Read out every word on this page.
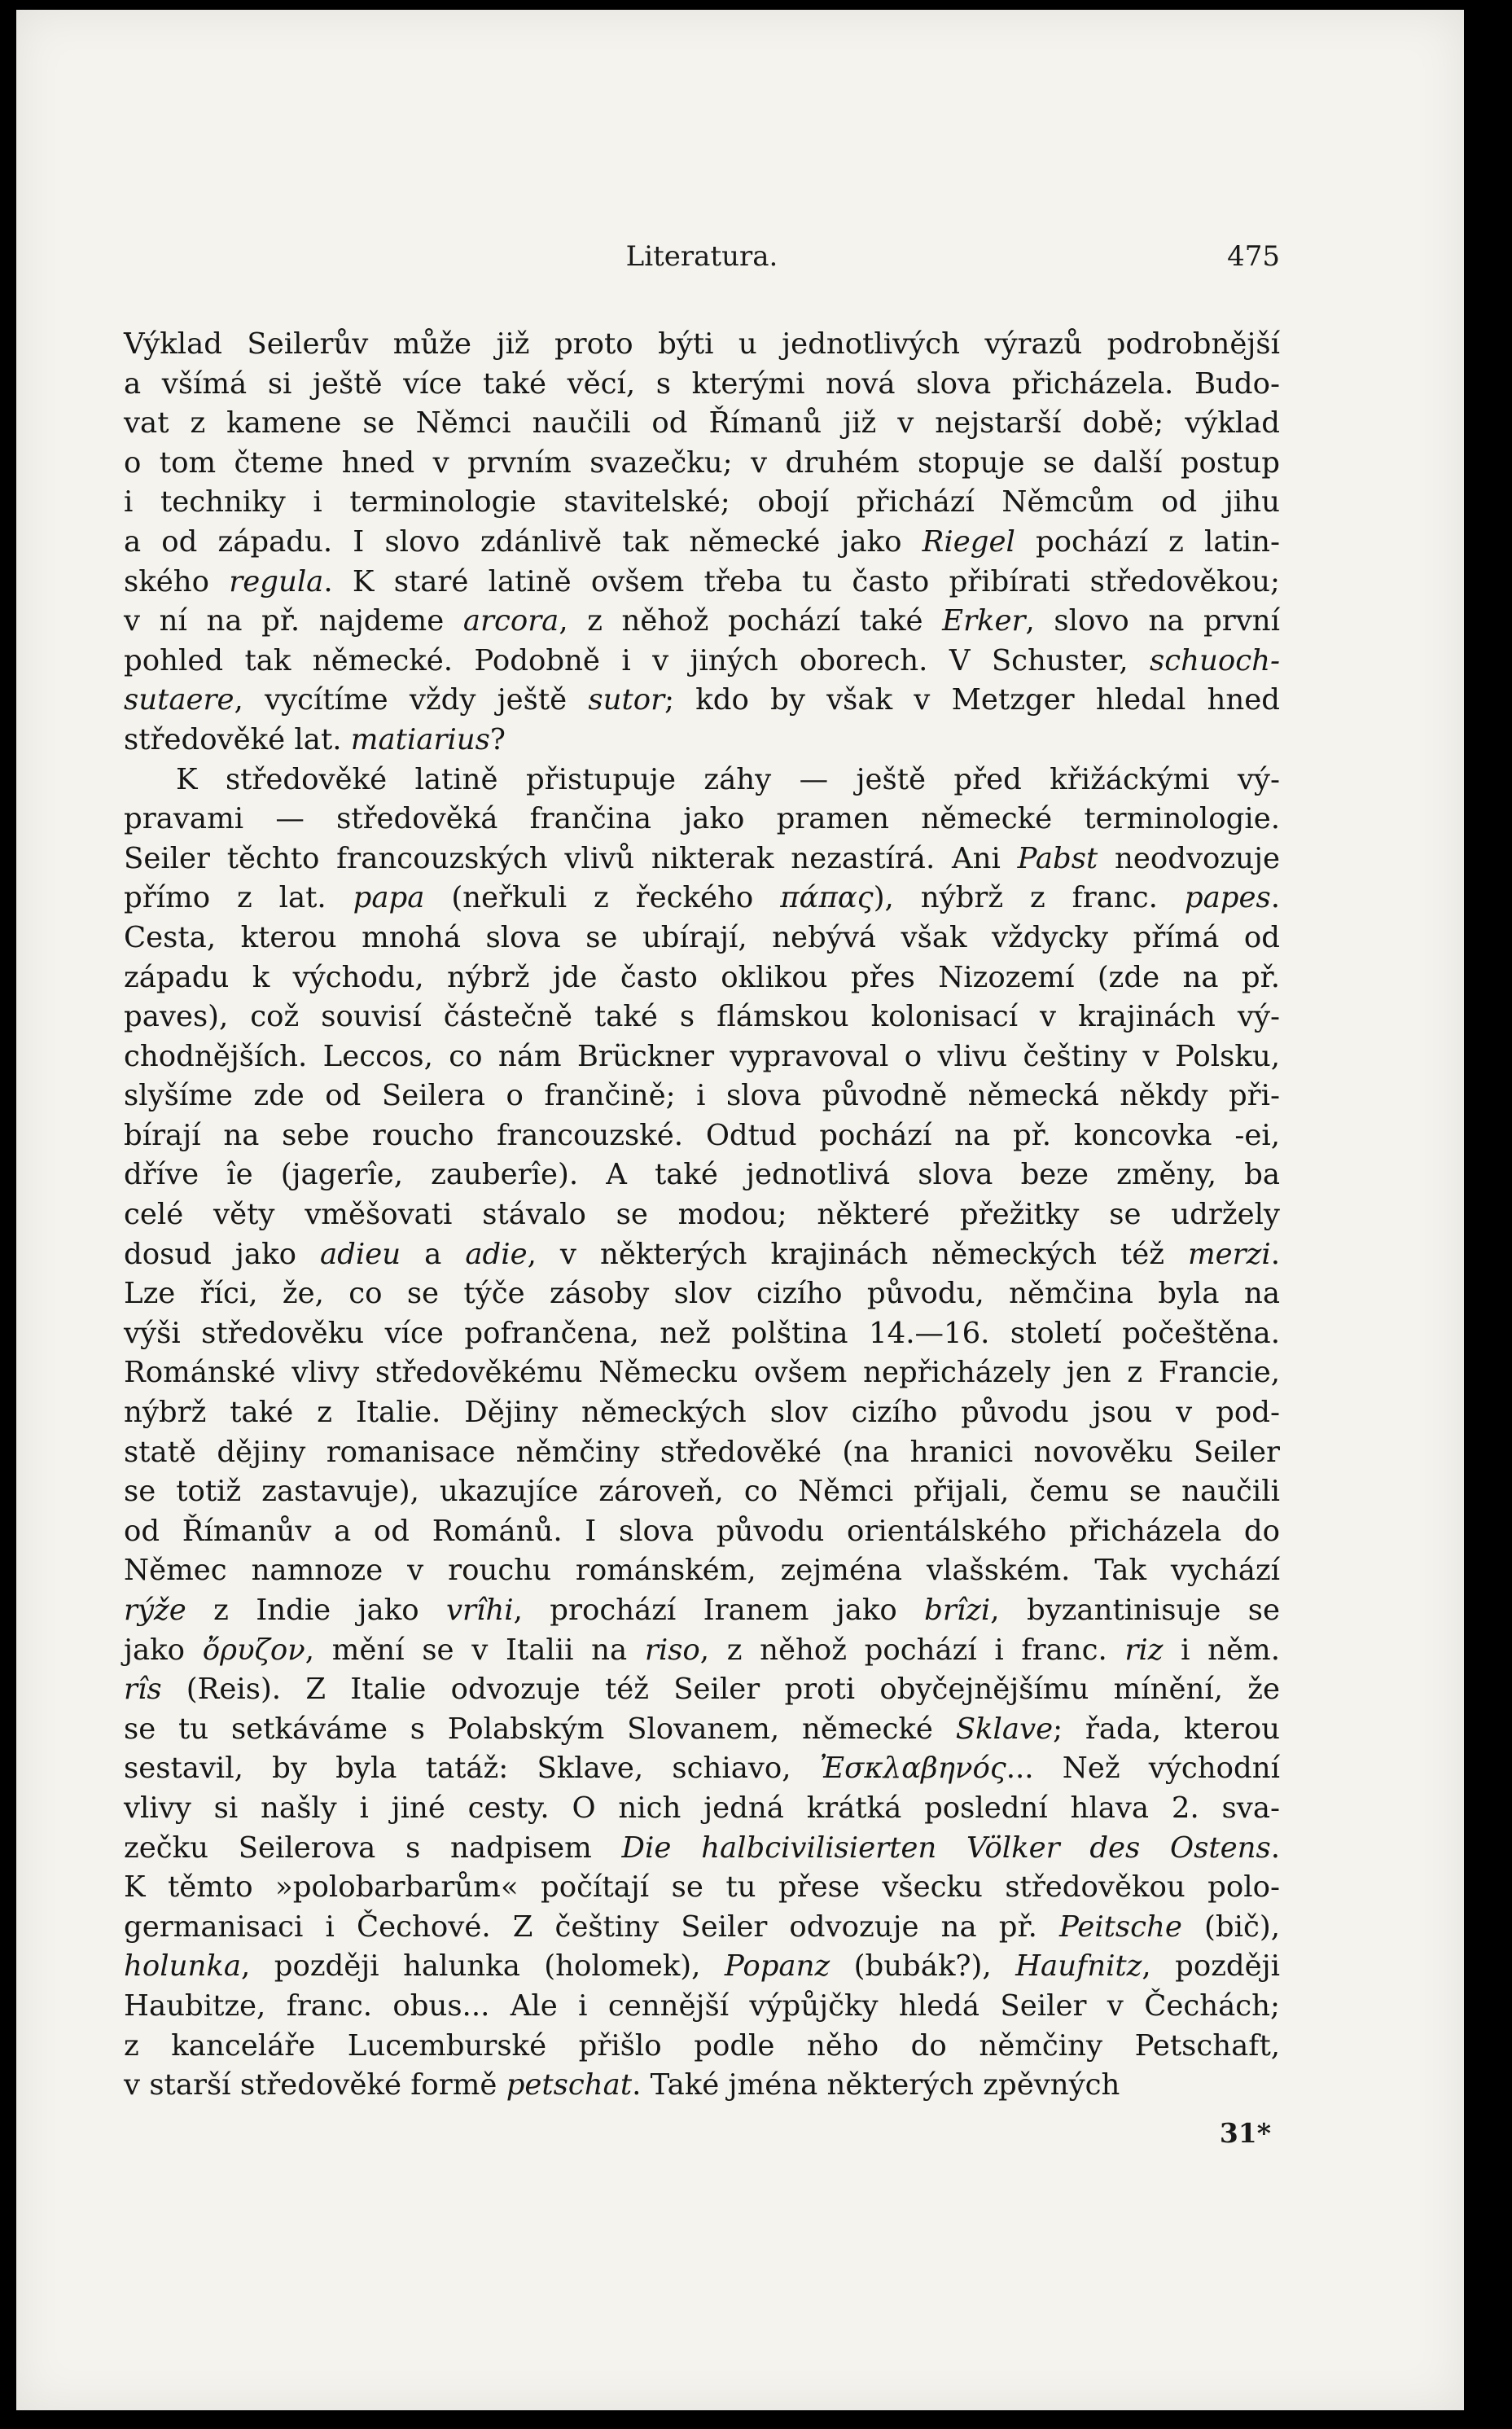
Literatura.	475
Výklad Seilerův může již proto býti u jednotlivých výrazů podrobnější
a všímá si ještě více také věcí, s kterými nová slova přicházela. Budo-
vat z kamene se Němci naučili od Římanů již v nejstarší době; výklad
o tom čteme hned v prvním svazečku; v druhém stopuje se další postup
i techniky i terminologie stavitelské; obojí přichází Němcům od jihu
a od západu. I slovo zdánlivě tak německé jako Riegel pochází z latin-
ského regula. K staré latině ovšem třeba tu často přibírati středověkou;
v ní na př. najdeme arcora, z něhož pochází také Erker, slovo na první
pohled tak německé. Podobně i v jiných oborech. V Schuster, schuoch-
sutaere, vycítíme vždy ještě sutor; kdo by však v Metzger hledal hned
středověké lat. matiarius?
K středověké latině přistupuje záhy — ještě před křižáckými vý-
pravami — středověká frančina jako pramen německé terminologie.
Seiler těchto francouzských vlivů nikterak nezastírá. Ani Pabst neodvozuje
přímo z lat. papa (neřkuli z řeckého πάπας), nýbrž z franc. papes.
Cesta, kterou mnohá slova se ubírají, nebývá však vždycky přímá od
západu k východu, nýbrž jde často oklikou přes Nizozemí (zde na př.
paves), což souvisí částečně také s flámskou kolonisací v krajinách vý-
chodnějších. Leccos, co nám Brückner vypravoval o vlivu češtiny v Polsku,
slyšíme zde od Seilera o frančině; i slova původně německá někdy při-
bírají na sebe roucho francouzské. Odtud pochází na př. koncovka -ei,
dříve îe (jagerîe, zauberîe). A také jednotlivá slova beze změny, ba
celé věty vměšovati stávalo se modou; některé přežitky se udržely
dosud jako adieu a adie, v některých krajinách německých též merzi.
Lze říci, že, co se týče zásoby slov cizího původu, němčina byla na
výši středověku více pofrančena, než polština 14.—16. století počeštěna.
Románské vlivy středověkému Německu ovšem nepřicházely jen z Francie,
nýbrž také z Italie. Dějiny německých slov cizího původu jsou v pod-
statě dějiny romanisace němčiny středověké (na hranici novověku Seiler
se totiž zastavuje), ukazujíce zároveň, co Němci přijali, čemu se naučili
od Římanův a od Románů. I slova původu orientálského přicházela do
Němec namnoze v rouchu románském, zejména vlašském. Tak vychází
rýže z Indie jako vrîhi, prochází Iranem jako brîzi, byzantinisuje se
jako ὄρυζον, mění se v Italii na riso, z něhož pochází i franc. riz i něm.
rîs (Reis). Z Italie odvozuje též Seiler proti obyčejnějšímu mínění, že
se tu setkáváme s Polabským Slovanem, německé Sklave; řada, kterou
sestavil, by byla tatáž: Sklave, schiavo, Ἐσκλαβηνός... Než východní
vlivy si našly i jiné cesty. O nich jedná krátká poslední hlava 2. sva-
zečku Seilerova s nadpisem Die halbcivilisierten Völker des Ostens.
K těmto »polobarbarům« počítají se tu přese všecku středověkou polo-
germanisaci i Čechové. Z češtiny Seiler odvozuje na př. Peitsche (bič),
holunka, později halunka (holomek), Popanz (bubák?), Haufnitz, později
Haubitze, franc. obus... Ale i cennější výpůjčky hledá Seiler v Čechách;
z kanceláře Lucemburské přišlo podle něho do němčiny Petschaft,
v starší středověké formě petschat. Také jména některých zpěvných
31*
